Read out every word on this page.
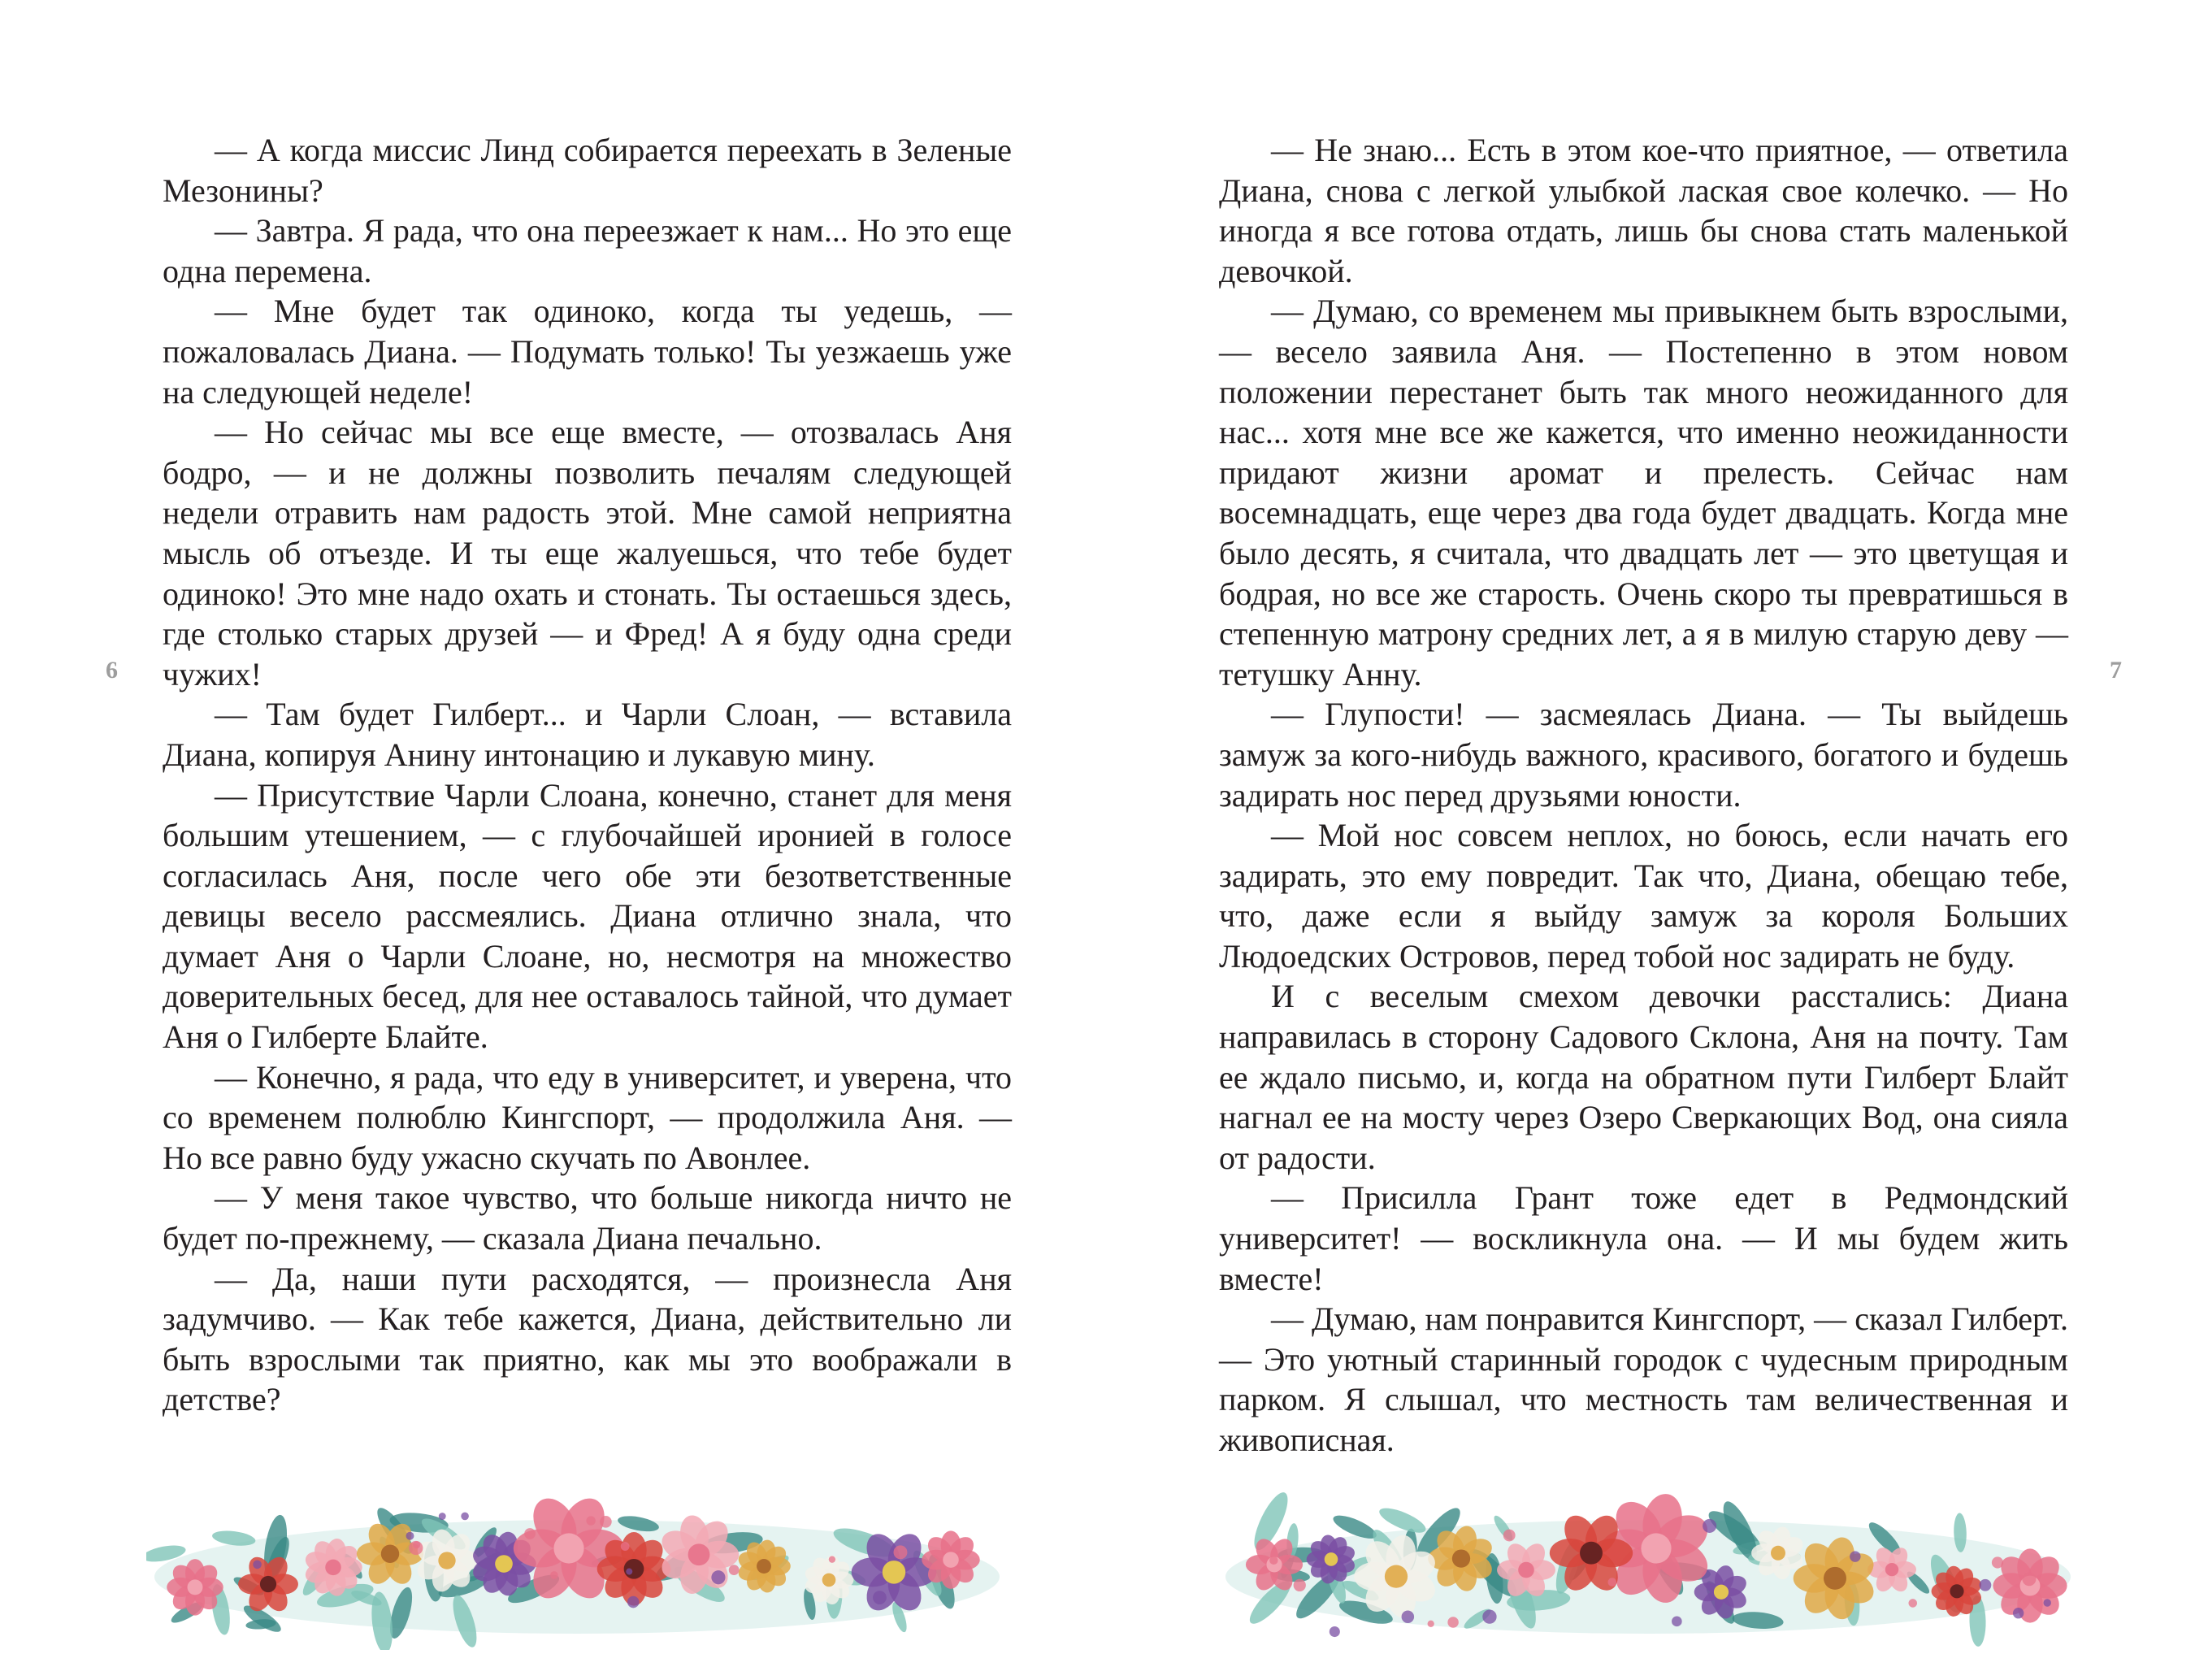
— А когда миссис Линд собирается переехать в Зеленые Мезонины?

— Завтра. Я рада, что она переезжает к нам... Но это еще одна перемена.

— Мне будет так одиноко, когда ты уедешь, — пожаловалась Диана. — Подумать только! Ты уезжаешь уже на следующей неделе!

— Но сейчас мы все еще вместе, — отозвалась Аня бодро, — и не должны позволить печалям следующей недели отравить нам радость этой. Мне самой неприятна мысль об отъезде. И ты еще жалуешься, что тебе будет одиноко! Это мне надо охать и стонать. Ты остаешься здесь, где столько старых друзей — и Фред! А я буду одна среди чужих!

— Там будет Гилберт... и Чарли Слоан, — вставила Диана, копируя Анину интонацию и лукавую мину.

— Присутствие Чарли Слоана, конечно, станет для меня большим утешением, — с глубочайшей иронией в голосе согласилась Аня, после чего обе эти безответственные девицы весело рассмеялись. Диана отлично знала, что думает Аня о Чарли Слоане, но, несмотря на множество доверительных бесед, для нее оставалось тайной, что думает Аня о Гилберте Блайте.

— Конечно, я рада, что еду в университет, и уверена, что со временем полюблю Кингспорт, — продолжила Аня. — Но все равно буду ужасно скучать по Авонлее.

— У меня такое чувство, что больше никогда ничто не будет по-прежнему, — сказала Диана печально.

— Да, наши пути расходятся, — произнесла Аня задумчиво. — Как тебе кажется, Диана, действительно ли быть взрослыми так приятно, как мы это воображали в детстве?

6

— Не знаю... Есть в этом кое-что приятное, — ответила Диана, снова с легкой улыбкой лаская свое колечко. — Но иногда я все готова отдать, лишь бы снова стать маленькой девочкой.

— Думаю, со временем мы привыкнем быть взрослыми, — весело заявила Аня. — Постепенно в этом новом положении перестанет быть так много неожиданного для нас... хотя мне все же кажется, что именно неожиданности придают жизни аромат и прелесть. Сейчас нам восемнадцать, еще через два года будет двадцать. Когда мне было десять, я считала, что двадцать лет — это цветущая и бодрая, но все же старость. Очень скоро ты превратишься в степенную матрону средних лет, а я в милую старую деву — тетушку Анну.

— Глупости! — засмеялась Диана. — Ты выйдешь замуж за кого-нибудь важного, красивого, богатого и будешь задирать нос перед друзьями юности.

— Мой нос совсем неплох, но боюсь, если начать его задирать, это ему повредит. Так что, Диана, обещаю тебе, что, даже если я выйду замуж за короля Больших Людоедских Островов, перед тобой нос задирать не буду.

И с веселым смехом девочки расстались: Диана направилась в сторону Садового Склона, Аня на почту. Там ее ждало письмо, и, когда на обратном пути Гилберт Блайт нагнал ее на мосту через Озеро Сверкающих Вод, она сияла от радости.

— Присилла Грант тоже едет в Редмондский университет! — воскликнула она. — И мы будем жить вместе!

— Думаю, нам понравится Кингспорт, — сказал Гилберт. — Это уютный старинный городок с чудесным природным парком. Я слышал, что местность там величественная и живописная.

7
